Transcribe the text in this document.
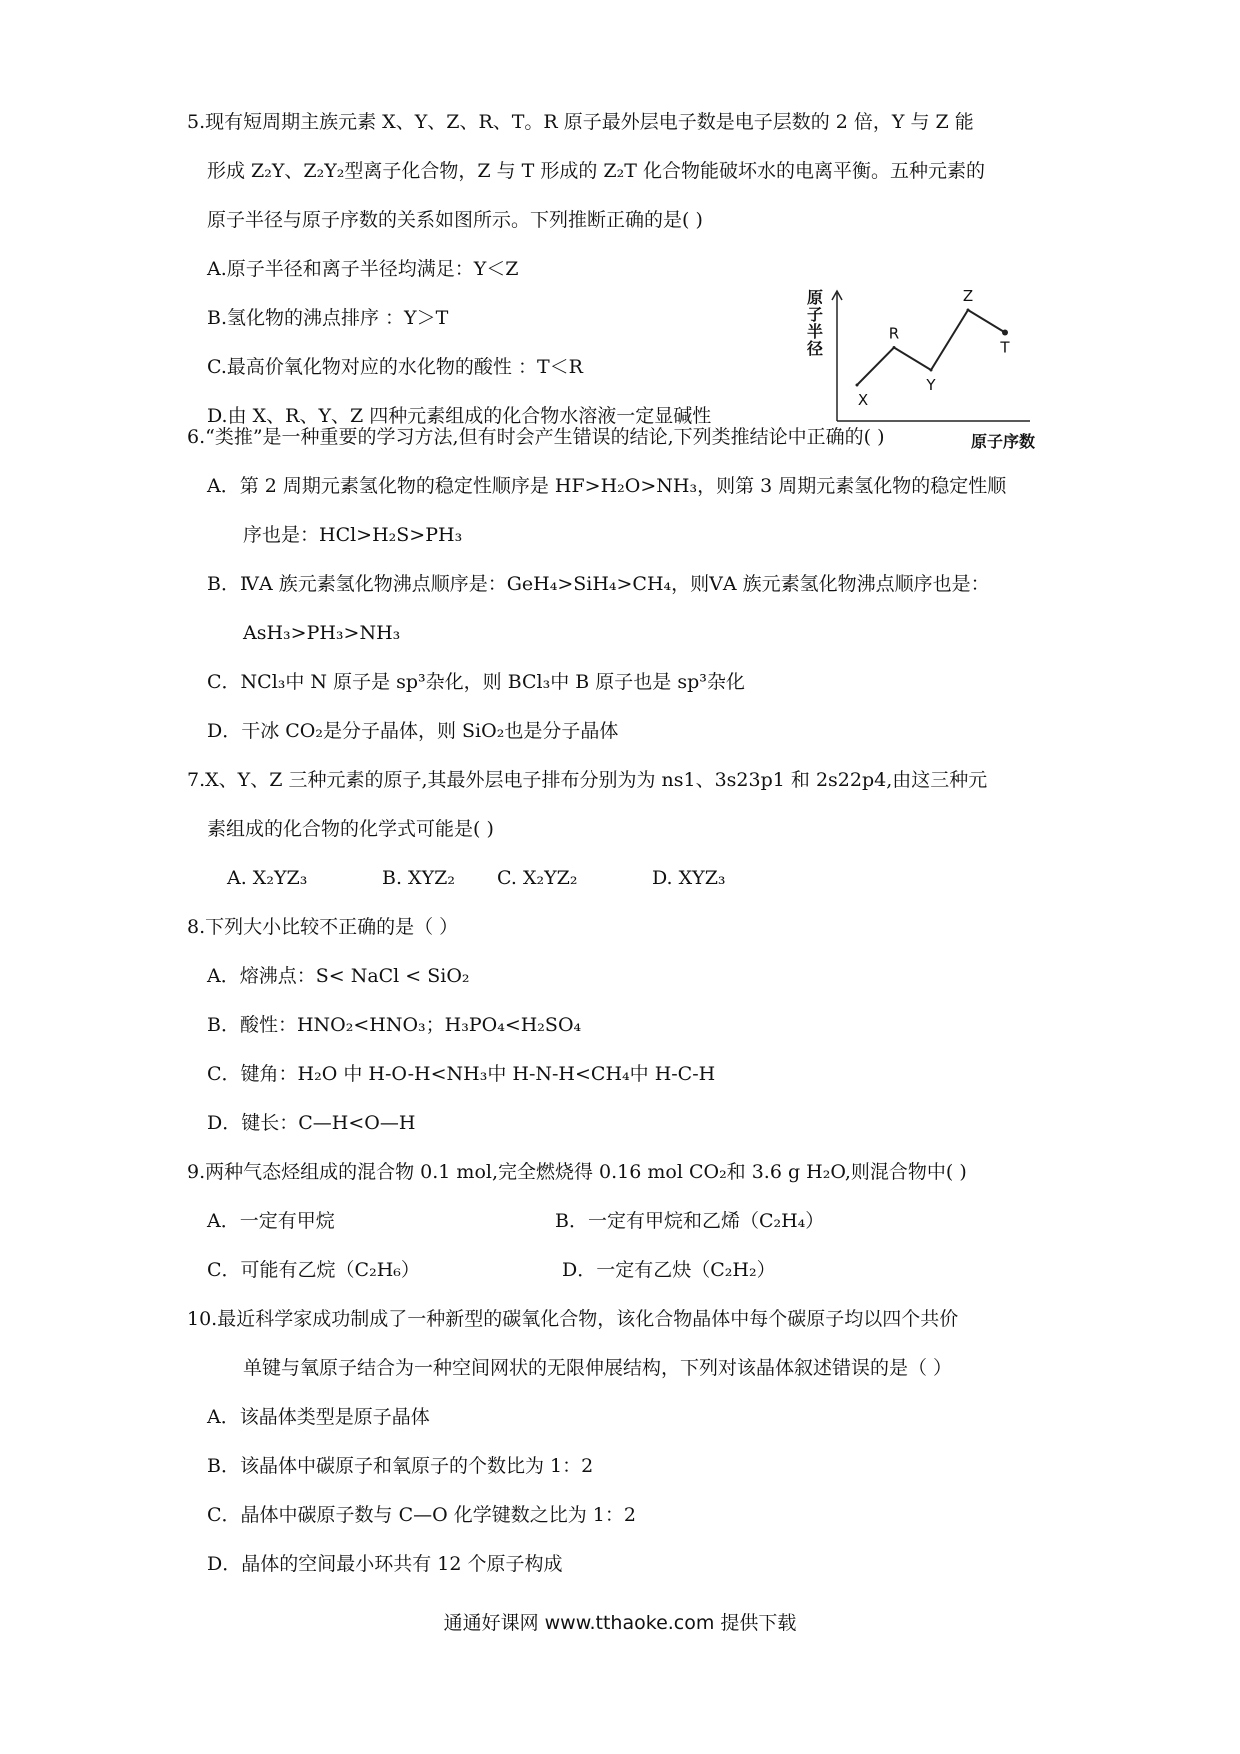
5.现有短周期主族元素 X、Y、Z、R、T。R 原子最外层电子数是电子层数的 2 倍，Y 与 Z 能
形成 Z₂Y、Z₂Y₂型离子化合物，Z 与 T 形成的 Z₂T 化合物能破坏水的电离平衡。五种元素的
原子半径与原子序数的关系如图所示。下列推断正确的是( )
A.原子半径和离子半径均满足：Y＜Z
B.氢化物的沸点排序 ：Y＞T
C.最高价氧化物对应的水化物的酸性 ：T＜R
D.由 X、R、Y、Z 四种元素组成的化合物水溶液一定显碱性
原
子
半
径
X
R
Y
Z
T
原子序数
6.“类推”是一种重要的学习方法,但有时会产生错误的结论,下列类推结论中正确的( )
A．第 2 周期元素氢化物的稳定性顺序是 HF>H₂O>NH₃，则第 3 周期元素氢化物的稳定性顺
序也是：HCl>H₂S>PH₃
B．ⅣA 族元素氢化物沸点顺序是：GeH₄>SiH₄>CH₄，则ⅤA 族元素氢化物沸点顺序也是：
AsH₃>PH₃>NH₃
C．NCl₃中 N 原子是 sp³杂化，则 BCl₃中 B 原子也是 sp³杂化
D．干冰 CO₂是分子晶体，则 SiO₂也是分子晶体
7.X、Y、Z 三种元素的原子,其最外层电子排布分别为为 ns1、3s23p1 和 2s22p4,由这三种元
素组成的化合物的化学式可能是( )
A. X₂YZ₃	B. XYZ₂ C. X₂YZ₂	D. XYZ₃
8.下列大小比较不正确的是（ ）
A．熔沸点：S< NaCl < SiO₂
B．酸性：HNO₂<HNO₃；H₃PO₄<H₂SO₄
C．键角：H₂O 中 H-O-H<NH₃中 H-N-H<CH₄中 H-C-H
D．键长：C—H<O—H
9.两种气态烃组成的混合物 0.1 mol,完全燃烧得 0.16 mol CO₂和 3.6 g H₂O,则混合物中( )
A．一定有甲烷	B．一定有甲烷和乙烯（C₂H₄）
C．可能有乙烷（C₂H₆）	D．一定有乙炔（C₂H₂）
10.最近科学家成功制成了一种新型的碳氧化合物，该化合物晶体中每个碳原子均以四个共价
单键与氧原子结合为一种空间网状的无限伸展结构，下列对该晶体叙述错误的是（ ）
A．该晶体类型是原子晶体
B．该晶体中碳原子和氧原子的个数比为 1：2
C．晶体中碳原子数与 C—O 化学键数之比为 1：2
D．晶体的空间最小环共有 12 个原子构成
通通好课网 www.tthaoke.com 提供下载
